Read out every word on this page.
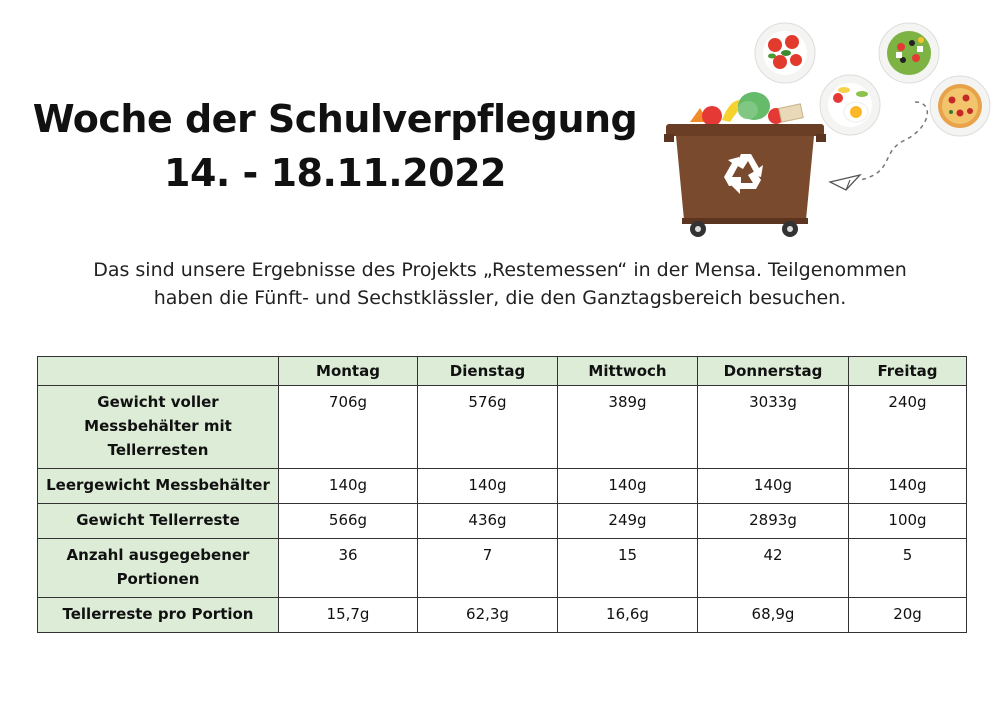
Woche der Schulverpflegung
14. - 18.11.2022
Das sind unsere Ergebnisse des Projekts „Restemessen“ in der Mensa. Teilgenommen
haben die Fünft- und Sechstklässler, die den Ganztagsbereich besuchen.
	Montag	Dienstag	Mittwoch	Donnerstag	Freitag
Gewicht voller Messbehälter mit Tellerresten	706g	576g	389g	3033g	240g
Leergewicht Messbehälter	140g	140g	140g	140g	140g
Gewicht Tellerreste	566g	436g	249g	2893g	100g
Anzahl ausgegebener Portionen	36	7	15	42	5
Tellerreste pro Portion	15,7g	62,3g	16,6g	68,9g	20g
